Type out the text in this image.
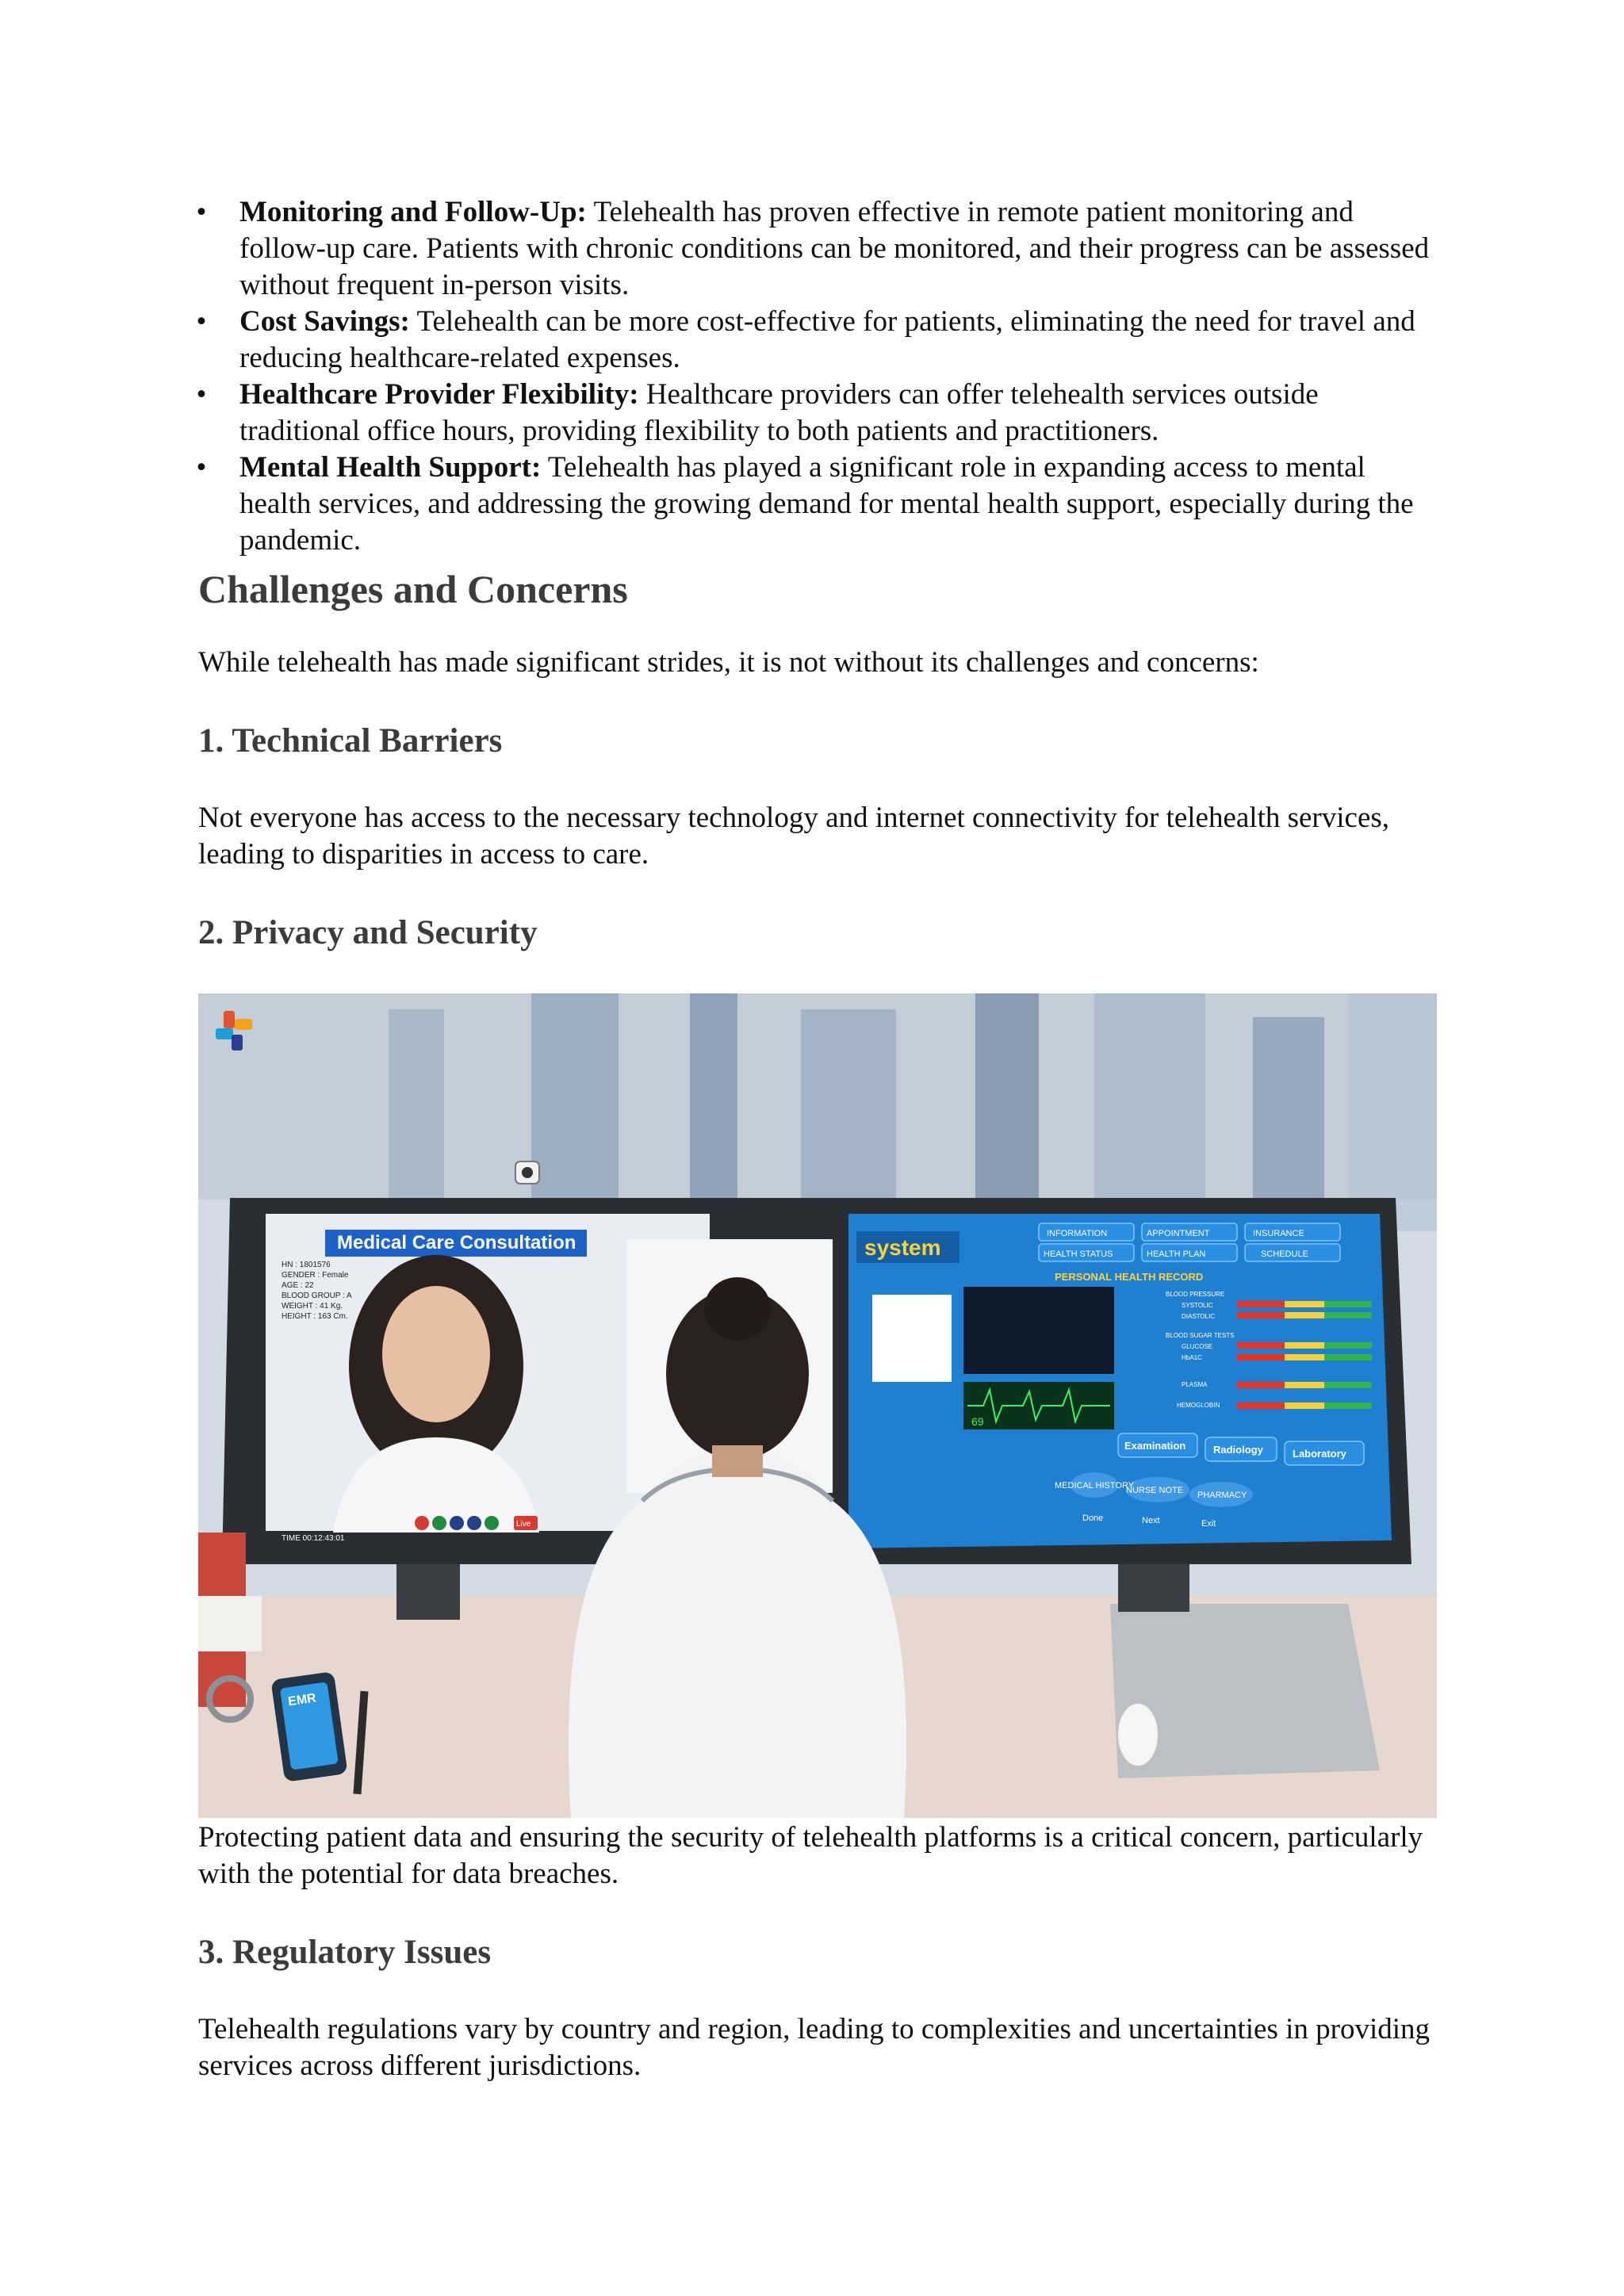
• Monitoring and Follow-Up: Telehealth has proven effective in remote patient monitoring and follow-up care. Patients with chronic conditions can be monitored, and their progress can be assessed without frequent in-person visits.
• Cost Savings: Telehealth can be more cost-effective for patients, eliminating the need for travel and reducing healthcare-related expenses.
• Healthcare Provider Flexibility: Healthcare providers can offer telehealth services outside traditional office hours, providing flexibility to both patients and practitioners.
• Mental Health Support: Telehealth has played a significant role in expanding access to mental health services, and addressing the growing demand for mental health support, especially during the pandemic.
Challenges and Concerns

While telehealth has made significant strides, it is not without its challenges and concerns:

1. Technical Barriers

Not everyone has access to the necessary technology and internet connectivity for telehealth services, leading to disparities in access to care.

2. Privacy and Security
Medical Care Consultation
HN : 1801576
GENDER : Female
AGE : 22
BLOOD GROUP : A
WEIGHT : 41 Kg.
HEIGHT : 163 Cm.
TIME 00:12:43:01
Live
system
INFORMATION	APPOINTMENT	INSURANCE
HEALTH STATUS	HEALTH PLAN	SCHEDULE
PERSONAL HEALTH RECORD
BLOOD PRESSURE
SYSTOLIC
DIASTOLIC
BLOOD SUGAR TESTS
GLUCOSE
HbA1C
PLASMA
HEMOGLOBIN
69
Examination	Radiology	Laboratory
MEDICAL HISTORY
NURSE NOTE PHARMACY
Done	Next	Exit
EMR

Protecting patient data and ensuring the security of telehealth platforms is a critical concern, particularly with the potential for data breaches.

3. Regulatory Issues

Telehealth regulations vary by country and region, leading to complexities and uncertainties in providing services across different jurisdictions.
